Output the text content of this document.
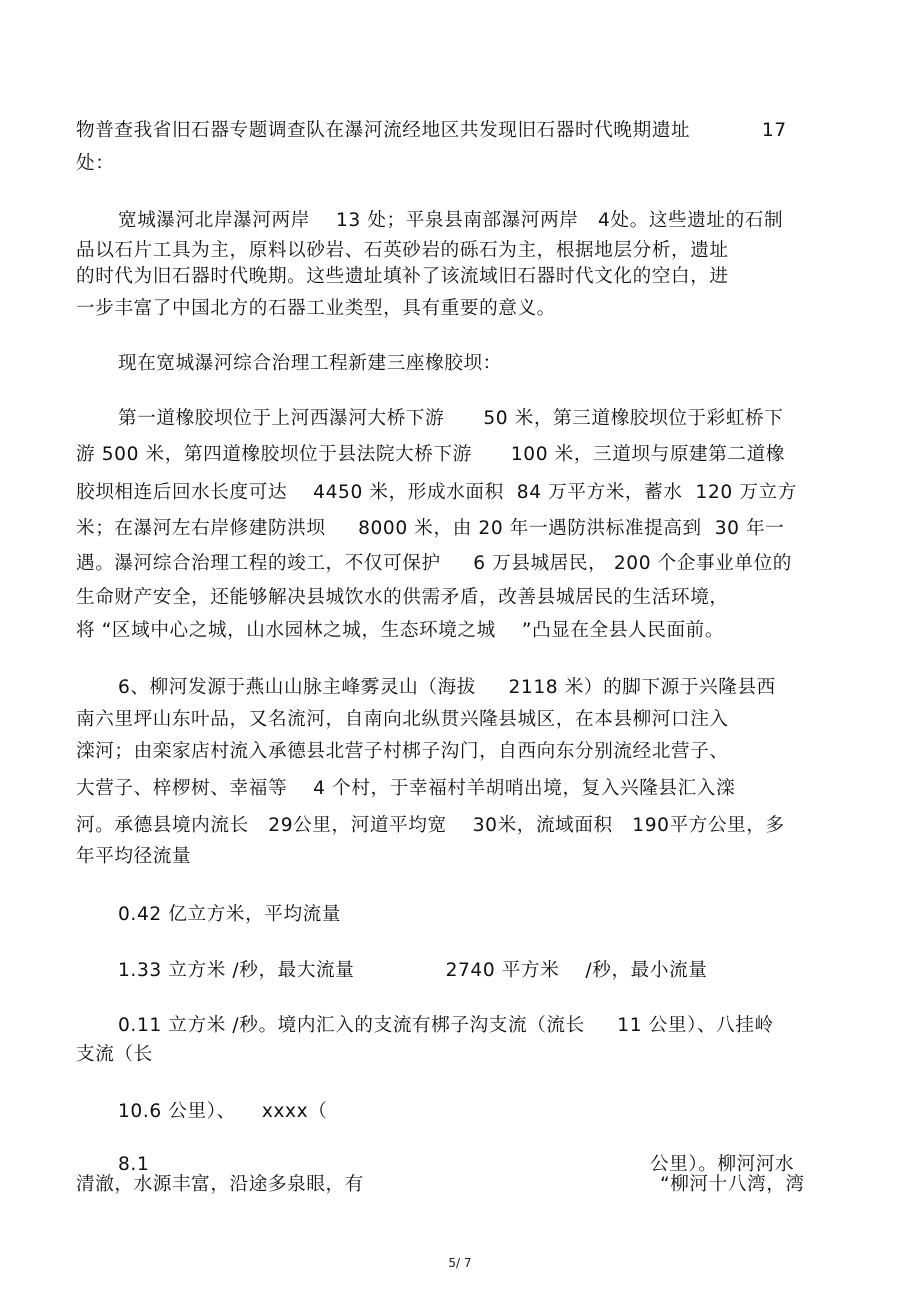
物普查我省旧石器专题调查队在瀑河流经地区共发现旧石器时代晚期遗址           17
处：
宽城瀑河北岸瀑河两岸    13 处；平泉县南部瀑河两岸   4处。这些遗址的石制
品以石片工具为主，原料以砂岩、石英砂岩的砾石为主，根据地层分析，遗址
的时代为旧石器时代晚期。这些遗址填补了该流域旧石器时代文化的空白，进
一步丰富了中国北方的石器工业类型，具有重要的意义。
现在宽城瀑河综合治理工程新建三座橡胶坝：
第一道橡胶坝位于上河西瀑河大桥下游      50 米，第三道橡胶坝位于彩虹桥下
游 500 米，第四道橡胶坝位于县法院大桥下游      100 米，三道坝与原建第二道橡
胶坝相连后回水长度可达    4450 米，形成水面积  84 万平方米，蓄水  120 万立方
米；在瀑河左右岸修建防洪坝     8000 米，由 20 年一遇防洪标准提高到  30 年一
遇。瀑河综合治理工程的竣工，不仅可保护     6 万县城居民， 200 个企事业单位的
生命财产安全，还能够解决县城饮水的供需矛盾，改善县城居民的生活环境，
将 “区域中心之城，山水园林之城，生态环境之城    ”凸显在全县人民面前。
6、柳河发源于燕山山脉主峰雾灵山（海拔     2118 米）的脚下源于兴隆县西
南六里坪山东叶品，又名流河，自南向北纵贯兴隆县城区，在本县柳河口注入
滦河；由栾家店村流入承德县北营子村梆子沟门，自西向东分别流经北营子、
大营子、梓椤树、幸福等    4 个村，于幸福村羊胡哨出境，复入兴隆县汇入滦
河。承德县境内流长   29公里，河道平均宽    30米，流域面积   190平方公里，多
年平均径流量
0.42 亿立方米，平均流量
1.33 立方米 /秒，最大流量              2740 平方米    /秒，最小流量
0.11 立方米 /秒。境内汇入的支流有梆子沟支流（流长     11 公里）、八挂岭
支流（长
10.6 公里）、    xxxx（
8.1	公里）。柳河河水
清澈，水源丰富，沿途多泉眼，有	“柳河十八湾，湾
5/ 7
